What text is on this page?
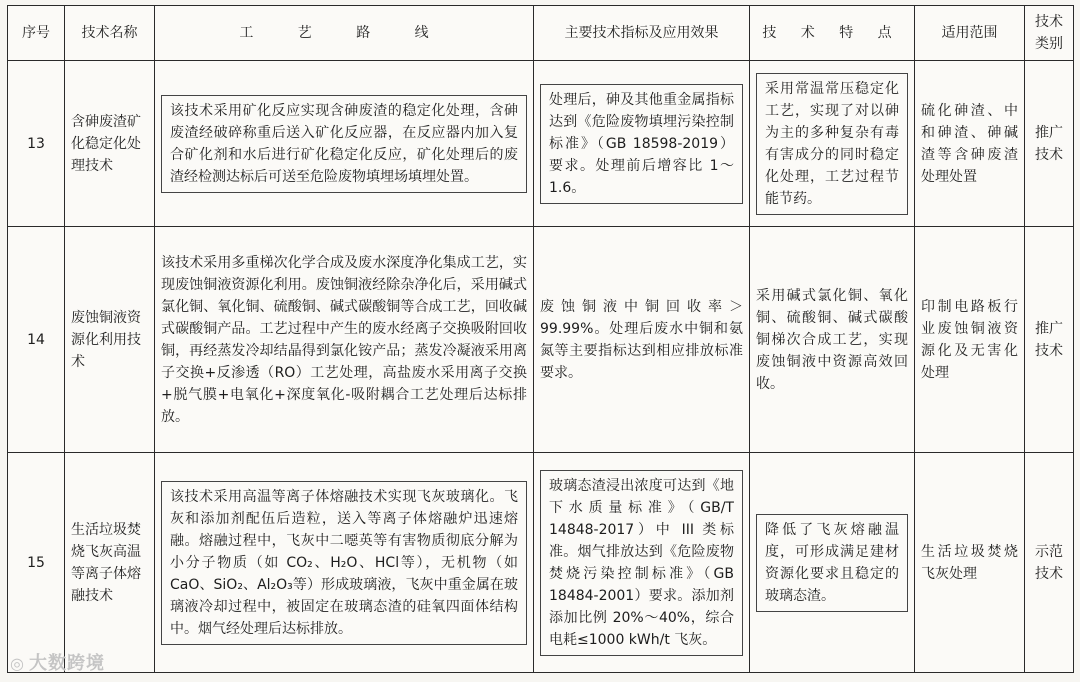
序号	技术名称	工 艺 路 线	主要技术指标及应用效果	技 术 特 点	适用范围	技术类别
13	含砷废渣矿化稳定化处理技术	该技术采用矿化反应实现含砷废渣的稳定化处理，含砷废渣经破碎称重后送入矿化反应器，在反应器内加入复合矿化剂和水后进行矿化稳定化反应，矿化处理后的废渣经检测达标后可送至危险废物填埋场填埋处置。	处理后，砷及其他重金属指标达到《危险废物填埋污染控制标准》（GB 18598-2019）要求。处理前后增容比 1～1.6。	采用常温常压稳定化工艺，实现了对以砷为主的多种复杂有毒有害成分的同时稳定化处理，工艺过程节能节药。	硫化砷渣、中和砷渣、砷碱渣等含砷废渣处理处置	推广技术
14	废蚀铜液资源化利用技术	该技术采用多重梯次化学合成及废水深度净化集成工艺，实现废蚀铜液资源化利用。废蚀铜液经除杂净化后，采用碱式氯化铜、氧化铜、硫酸铜、碱式碳酸铜等合成工艺，回收碱式碳酸铜产品。工艺过程中产生的废水经离子交换吸附回收铜，再经蒸发冷却结晶得到氯化铵产品；蒸发冷凝液采用离子交换+反渗透（RO）工艺处理，高盐废水采用离子交换+脱气膜+电氧化+深度氧化-吸附耦合工艺处理后达标排放。	废蚀铜液中铜回收率＞99.99%。处理后废水中铜和氨氮等主要指标达到相应排放标准要求。	采用碱式氯化铜、氧化铜、硫酸铜、碱式碳酸铜梯次合成工艺，实现废蚀铜液中资源高效回收。	印制电路板行业废蚀铜液资源化及无害化处理	推广技术
15	生活垃圾焚烧飞灰高温等离子体熔融技术	该技术采用高温等离子体熔融技术实现飞灰玻璃化。飞灰和添加剂配伍后造粒，送入等离子体熔融炉迅速熔融。熔融过程中，飞灰中二噁英等有害物质彻底分解为小分子物质（如 CO₂、H₂O、HCl等），无机物（如 CaO、SiO₂、Al₂O₃等）形成玻璃液，飞灰中重金属在玻璃液冷却过程中，被固定在玻璃态渣的硅氧四面体结构中。烟气经处理后达标排放。	玻璃态渣浸出浓度可达到《地下水质量标准》（GB/T 14848-2017）中 III 类标准。烟气排放达到《危险废物焚烧污染控制标准》（GB 18484-2001）要求。添加剂添加比例 20%～40%，综合电耗≤1000 kWh/t 飞灰。	降低了飞灰熔融温度，可形成满足建材资源化要求且稳定的玻璃态渣。	生活垃圾焚烧飞灰处理	示范技术
◎ 大数跨境
